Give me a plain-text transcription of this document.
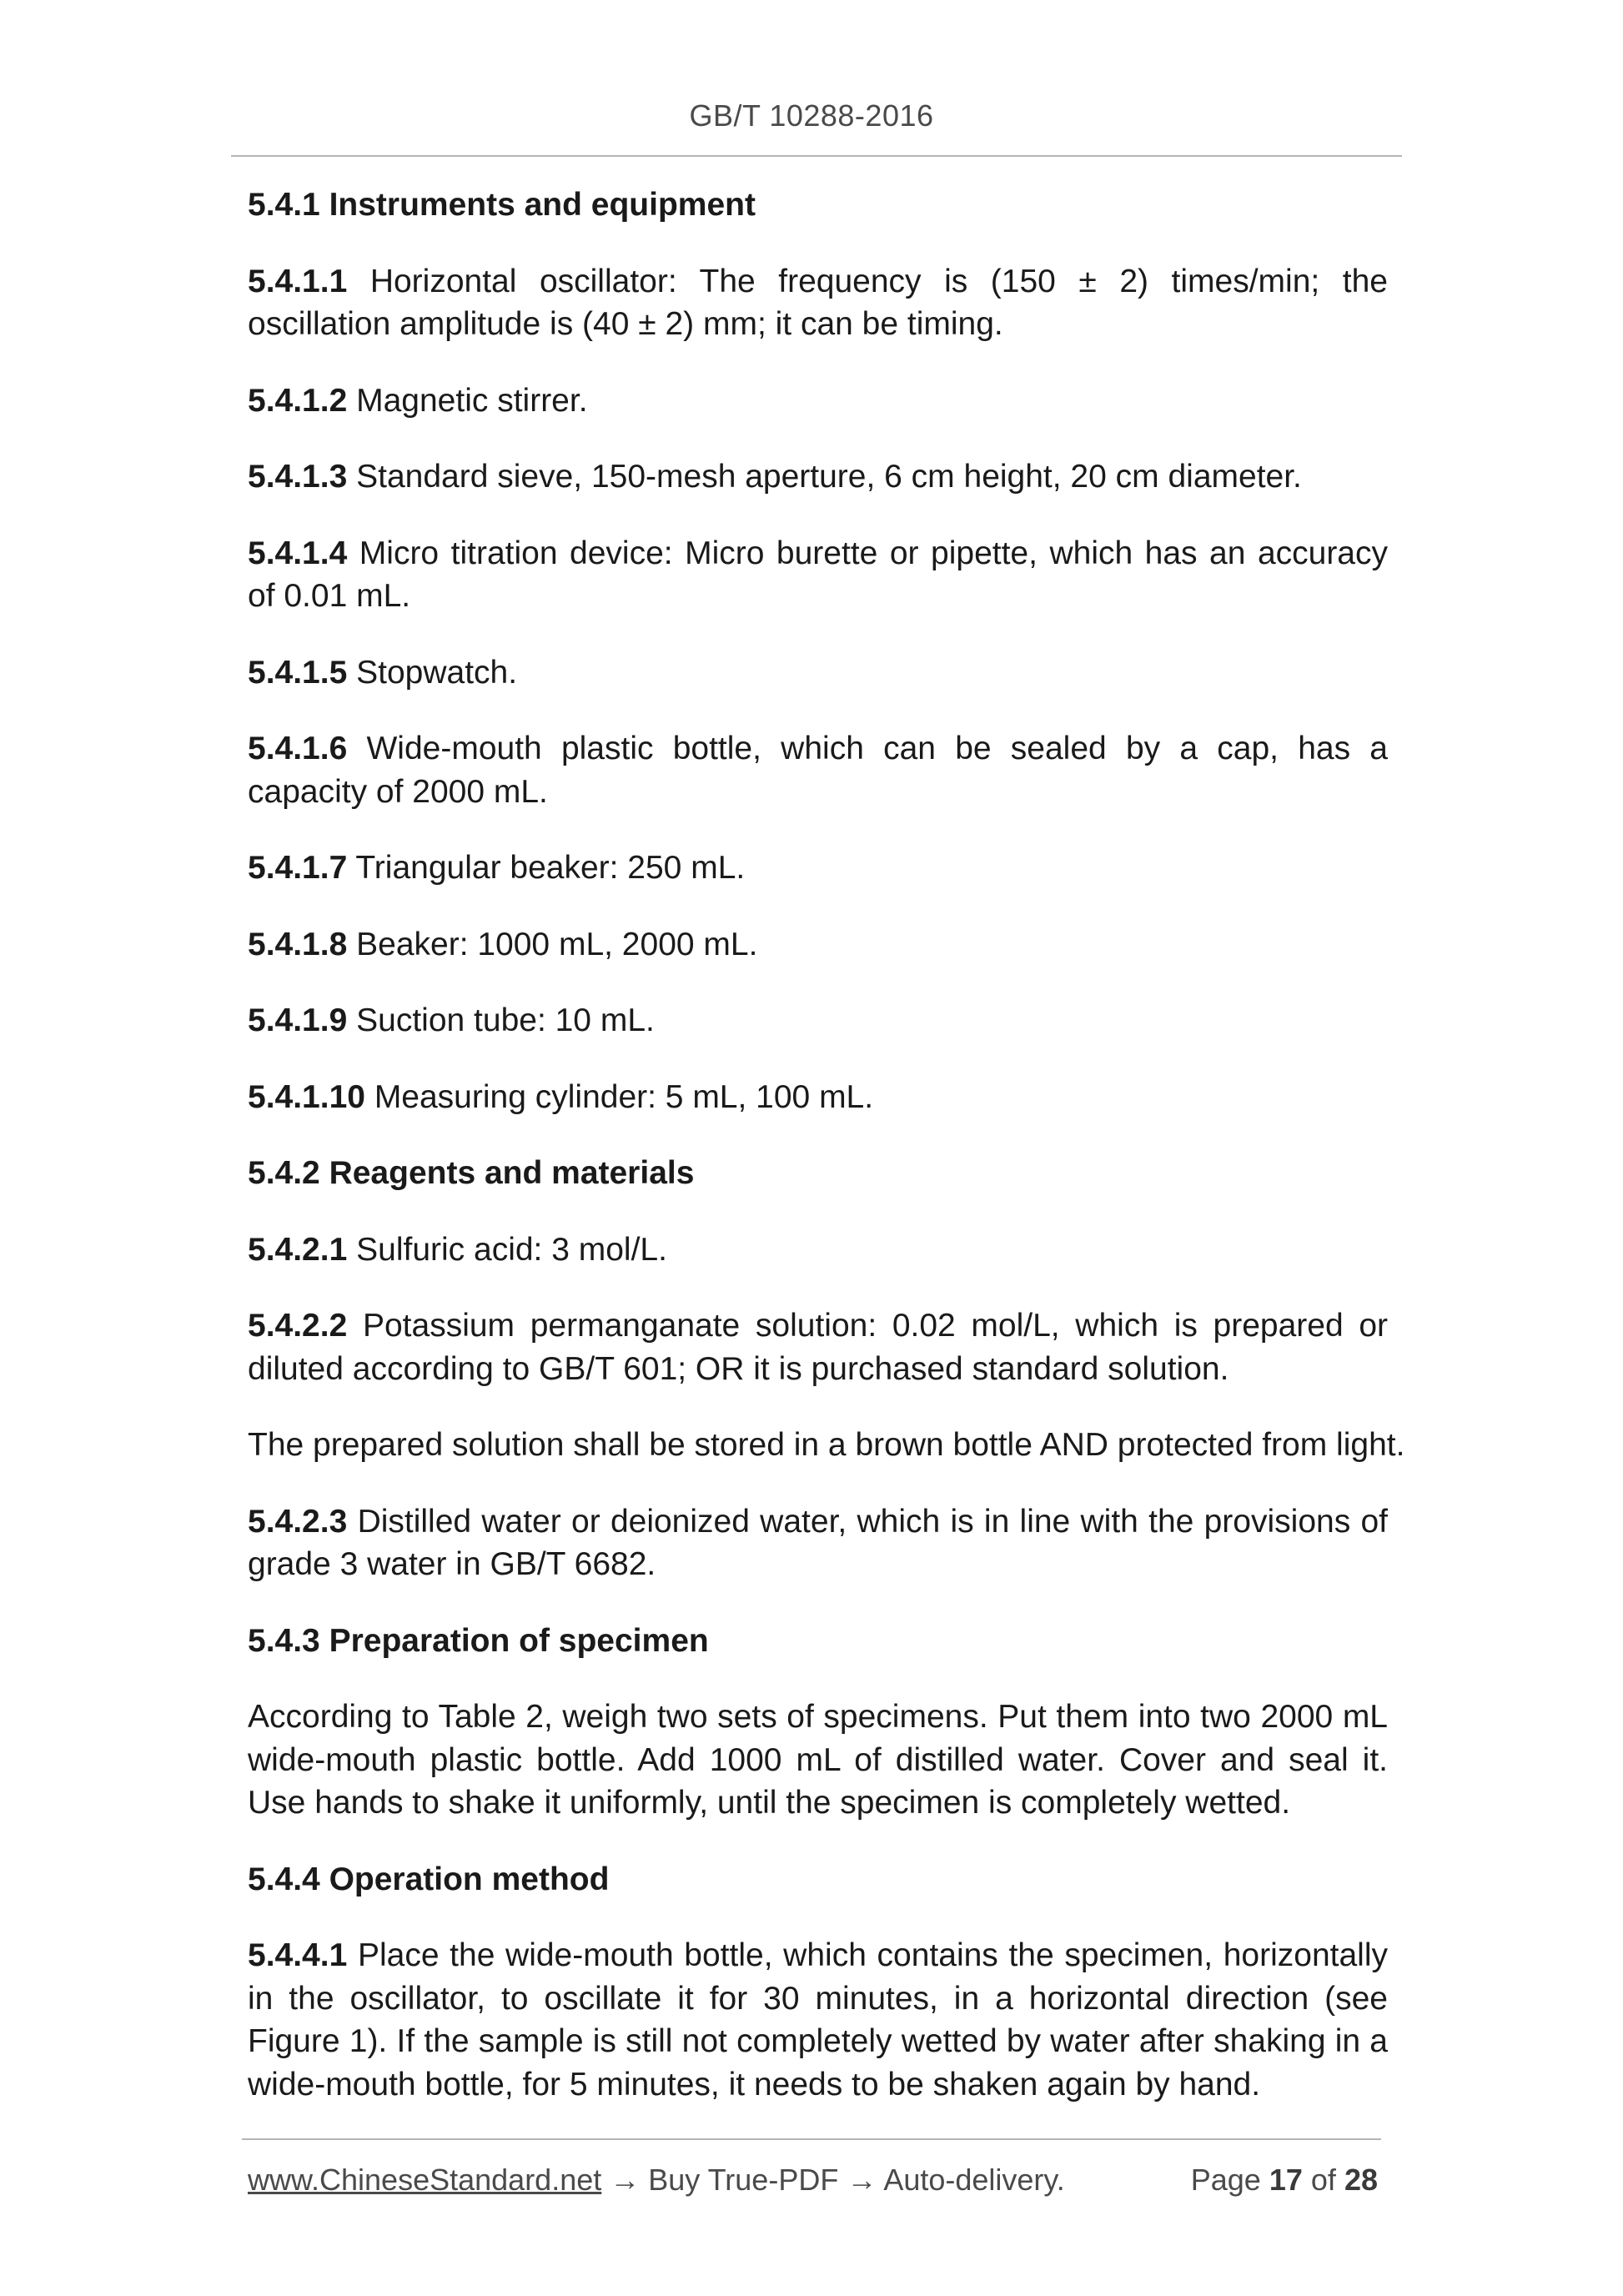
GB/T 10288-2016
5.4.1 Instruments and equipment

5.4.1.1 Horizontal oscillator: The frequency is (150 ± 2) times/min; the oscillation amplitude is (40 ± 2) mm; it can be timing.

5.4.1.2 Magnetic stirrer.

5.4.1.3 Standard sieve, 150-mesh aperture, 6 cm height, 20 cm diameter.

5.4.1.4 Micro titration device: Micro burette or pipette, which has an accuracy of 0.01 mL.

5.4.1.5 Stopwatch.

5.4.1.6 Wide-mouth plastic bottle, which can be sealed by a cap, has a capacity of 2000 mL.

5.4.1.7 Triangular beaker: 250 mL.

5.4.1.8 Beaker: 1000 mL, 2000 mL.

5.4.1.9 Suction tube: 10 mL.

5.4.1.10 Measuring cylinder: 5 mL, 100 mL.

5.4.2 Reagents and materials

5.4.2.1 Sulfuric acid: 3 mol/L.

5.4.2.2 Potassium permanganate solution: 0.02 mol/L, which is prepared or diluted according to GB/T 601; OR it is purchased standard solution.

The prepared solution shall be stored in a brown bottle AND protected from light.

5.4.2.3 Distilled water or deionized water, which is in line with the provisions of grade 3 water in GB/T 6682.

5.4.3 Preparation of specimen

According to Table 2, weigh two sets of specimens. Put them into two 2000 mL wide-mouth plastic bottle. Add 1000 mL of distilled water. Cover and seal it. Use hands to shake it uniformly, until the specimen is completely wetted.

5.4.4 Operation method

5.4.4.1 Place the wide-mouth bottle, which contains the specimen, horizontally in the oscillator, to oscillate it for 30 minutes, in a horizontal direction (see Figure 1). If the sample is still not completely wetted by water after shaking in a wide-mouth bottle, for 5 minutes, it needs to be shaken again by hand.

www.ChineseStandard.net → Buy True-PDF → Auto-delivery.	Page 17 of 28
